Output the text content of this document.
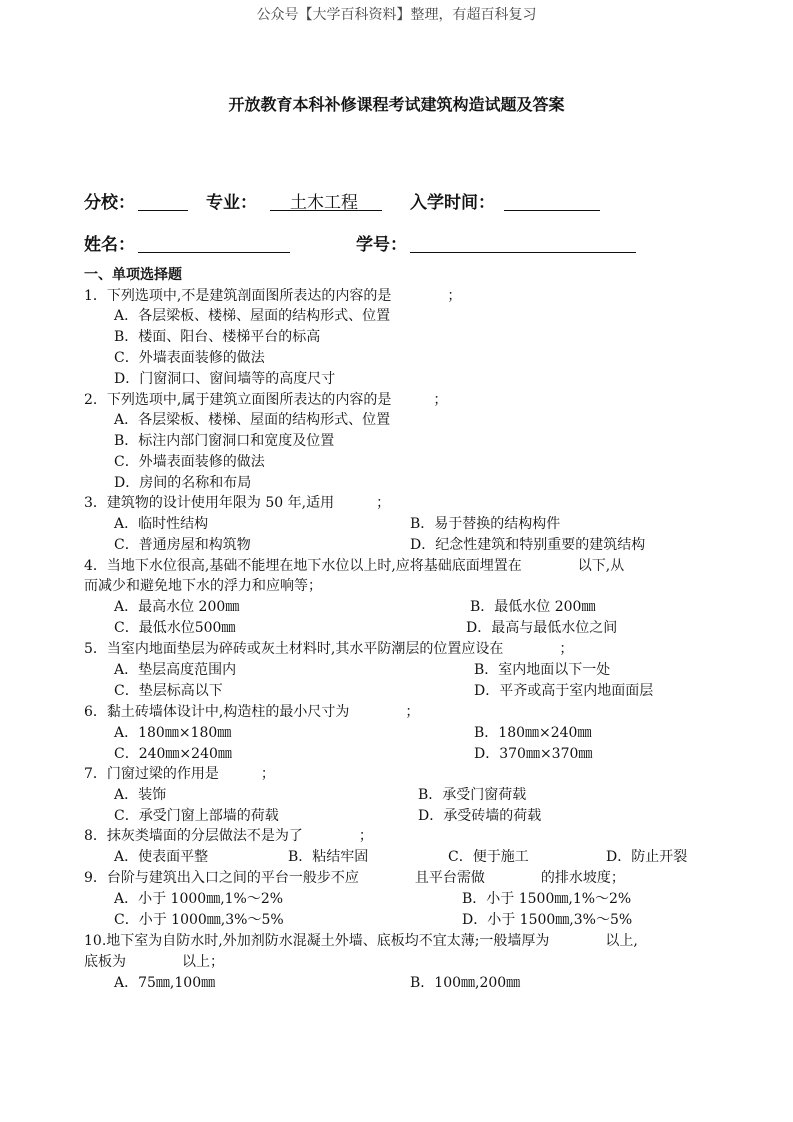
公众号【大学百科资料】整理，有超百科复习
开放教育本科补修课程考试建筑构造试题及答案
分校：	专业： 土木工程	入学时间：
姓名：	学号：
一、单项选择题
1．下列选项中,不是建筑剖面图所表达的内容的是　　　　；
A．各层梁板、楼梯、屋面的结构形式、位置
B．楼面、阳台、楼梯平台的标高
C．外墙表面装修的做法
D．门窗洞口、窗间墙等的高度尺寸
2．下列选项中,属于建筑立面图所表达的内容的是　　　；
A．各层梁板、楼梯、屋面的结构形式、位置
B．标注内部门窗洞口和宽度及位置
C．外墙表面装修的做法
D．房间的名称和布局
3．建筑物的设计使用年限为 50 年,适用　　　；
A．临时性结构	B．易于替换的结构构件
C．普通房屋和构筑物	D．纪念性建筑和特别重要的建筑结构
4．当地下水位很高,基础不能埋在地下水位以上时,应将基础底面埋置在　　　　以下,从
而减少和避免地下水的浮力和应响等；
A．最高水位 200㎜	B．最低水位 200㎜
C．最低水位500㎜	D．最高与最低水位之间
5．当室内地面垫层为碎砖或灰土材料时,其水平防潮层的位置应设在　　　　；
A．垫层高度范围内	B．室内地面以下一处
C．垫层标高以下	D．平齐或高于室内地面面层
6．黏土砖墙体设计中,构造柱的最小尺寸为　　　　；
A．180㎜×180㎜	B．180㎜×240㎜
C．240㎜×240㎜	D．370㎜×370㎜
7．门窗过梁的作用是　　　；
A．装饰	B．承受门窗荷载
C．承受门窗上部墙的荷载	D．承受砖墙的荷载
8．抹灰类墙面的分层做法不是为了　　　　；
A．使表面平整	B．粘结牢固	C．便于施工	D．防止开裂
9．台阶与建筑出入口之间的平台一般步不应　　　　且平台需做　　　　的排水坡度；
A．小于 1000㎜,1%～2%	B．小于 1500㎜,1%～2%
C．小于 1000㎜,3%～5%	D．小于 1500㎜,3%～5%
10.地下室为自防水时,外加剂防水混凝土外墙、底板均不宜太薄;一般墙厚为　　　　以上,
底板为　　　　以上；
A．75㎜,100㎜	B．100㎜,200㎜
